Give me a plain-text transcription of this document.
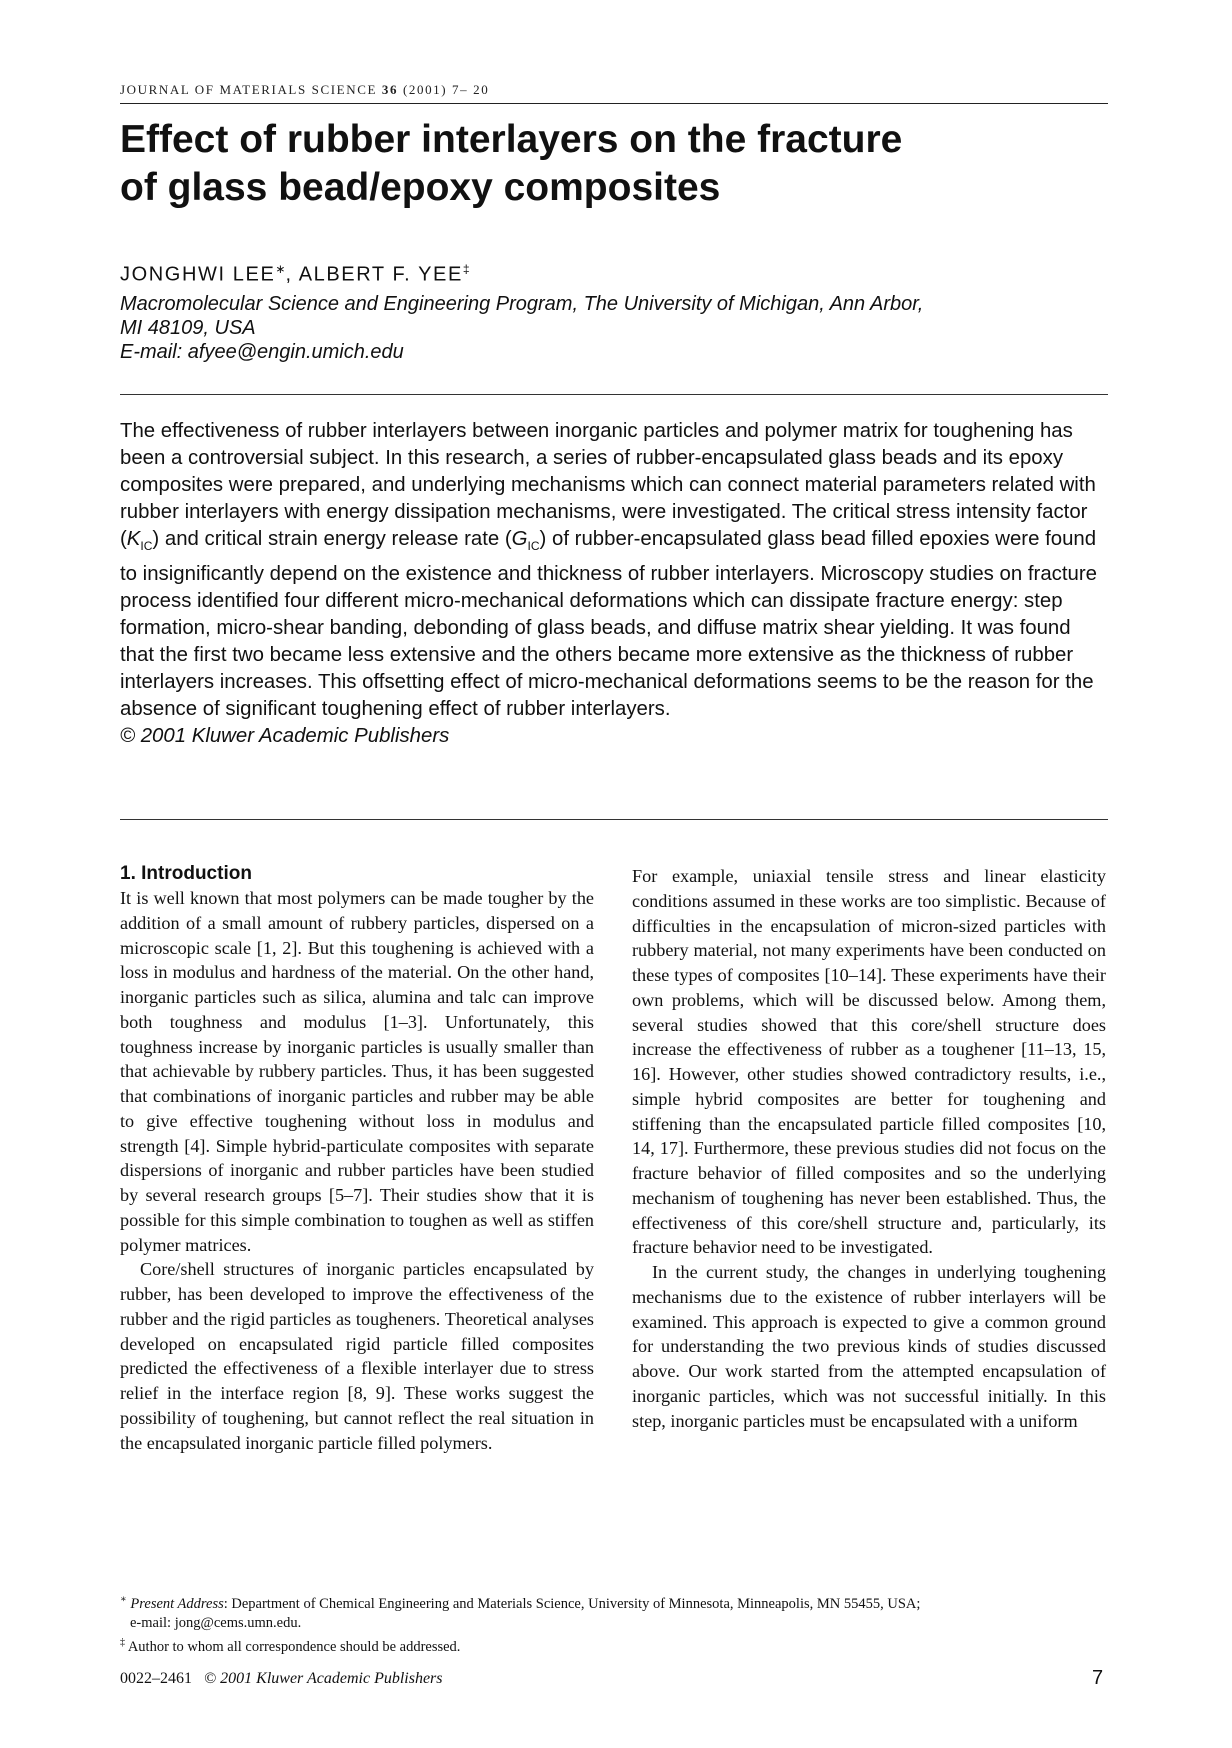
JOURNAL OF MATERIALS SCIENCE 36 (2001) 7– 20
Effect of rubber interlayers on the fracture
of glass bead/epoxy composites
JONGHWI LEE∗, ALBERT F. YEE‡
Macromolecular Science and Engineering Program, The University of Michigan, Ann Arbor,
MI 48109, USA
E-mail: afyee@engin.umich.edu

The effectiveness of rubber interlayers between inorganic particles and polymer matrix for toughening has been a controversial subject. In this research, a series of rubber-encapsulated glass beads and its epoxy composites were prepared, and underlying mechanisms which can connect material parameters related with rubber interlayers with energy dissipation mechanisms, were investigated. The critical stress intensity factor $(K_{IC})$ and critical strain energy release rate $(G_{IC})$ of rubber-encapsulated glass bead filled epoxies were found to insignificantly depend on the existence and thickness of rubber interlayers. Microscopy studies on fracture process identified four different micro-mechanical deformations which can dissipate fracture energy: step formation, micro-shear banding, debonding of glass beads, and diffuse matrix shear yielding. It was found that the first two became less extensive and the others became more extensive as the thickness of rubber interlayers increases. This offsetting effect of micro-mechanical deformations seems to be the reason for the absence of significant toughening effect of rubber interlayers.

© 2001 Kluwer Academic Publishers

1. Introduction

It is well known that most polymers can be made tougher by the addition of a small amount of rubbery particles, dispersed on a microscopic scale [1, 2]. But this toughening is achieved with a loss in modulus and hardness of the material. On the other hand, inorganic particles such as silica, alumina and talc can improve both toughness and modulus [1–3]. Unfortunately, this toughness increase by inorganic particles is usually smaller than that achievable by rubbery particles. Thus, it has been suggested that combinations of inorganic particles and rubber may be able to give effective toughening without loss in modulus and strength [4]. Simple hybrid-particulate composites with separate dispersions of inorganic and rubber particles have been studied by several research groups [5–7]. Their studies show that it is possible for this simple combination to toughen as well as stiffen polymer matrices.

Core/shell structures of inorganic particles encapsulated by rubber, has been developed to improve the effectiveness of the rubber and the rigid particles as tougheners. Theoretical analyses developed on encapsulated rigid particle filled composites predicted the effectiveness of a flexible interlayer due to stress relief in the interface region [8, 9]. These works suggest the possibility of toughening, but cannot reflect the real situation in the encapsulated inorganic particle filled polymers.

For example, uniaxial tensile stress and linear elasticity conditions assumed in these works are too simplistic. Because of difficulties in the encapsulation of micron-sized particles with rubbery material, not many experiments have been conducted on these types of composites [10–14]. These experiments have their own problems, which will be discussed below. Among them, several studies showed that this core/shell structure does increase the effectiveness of rubber as a toughener [11–13, 15, 16]. However, other studies showed contradictory results, i.e., simple hybrid composites are better for toughening and stiffening than the encapsulated particle filled composites [10, 14, 17]. Furthermore, these previous studies did not focus on the fracture behavior of filled composites and so the underlying mechanism of toughening has never been established. Thus, the effectiveness of this core/shell structure and, particularly, its fracture behavior need to be investigated.

In the current study, the changes in underlying toughening mechanisms due to the existence of rubber interlayers will be examined. This approach is expected to give a common ground for understanding the two previous kinds of studies discussed above. Our work started from the attempted encapsulation of inorganic particles, which was not successful initially. In this step, inorganic particles must be encapsulated with a uniform

∗ Present Address: Department of Chemical Engineering and Materials Science, University of Minnesota, Minneapolis, MN 55455, USA;

e-mail: jong@cems.umn.edu.

‡ Author to whom all correspondence should be addressed.

0022–2461 © 2001 Kluwer Academic Publishers	7
